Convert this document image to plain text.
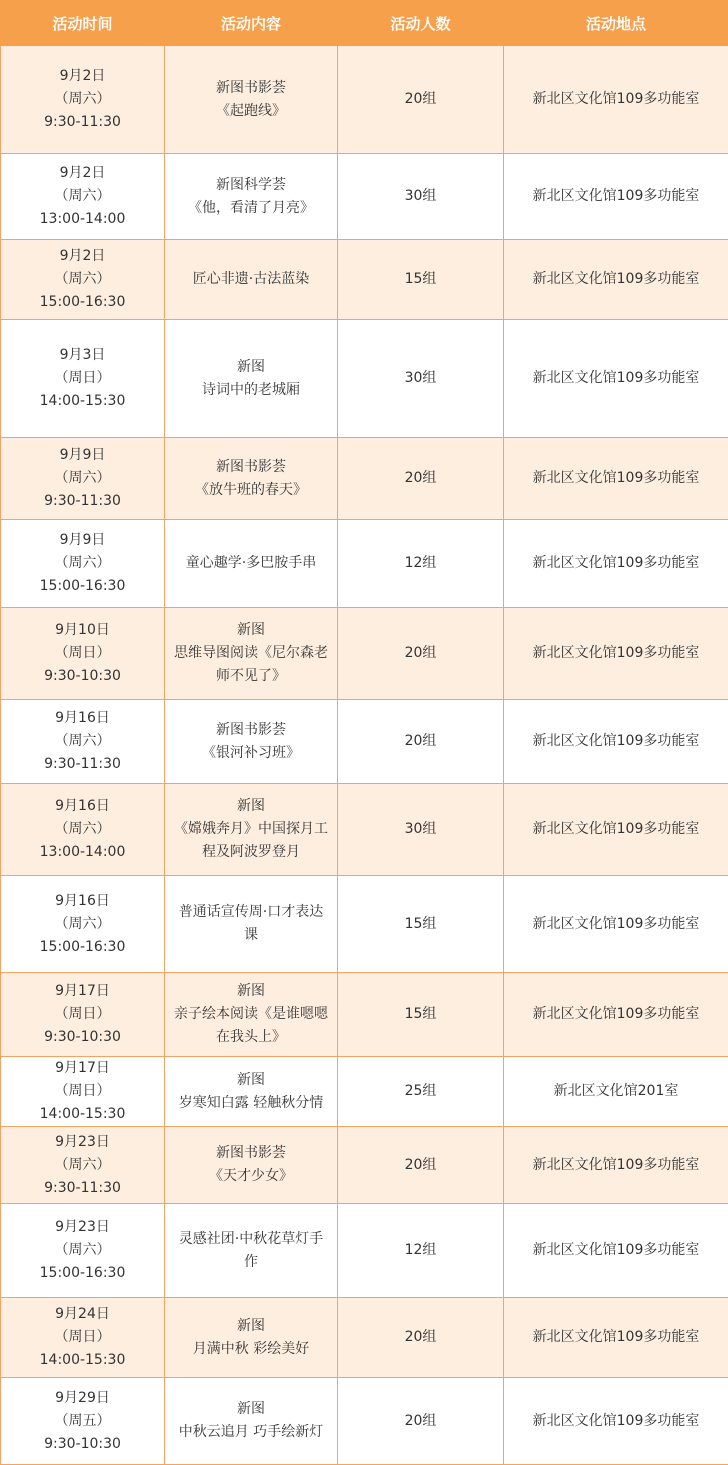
活动时间	活动内容	活动人数	活动地点

9月2日
（周六）
9:30-11:30	新图书影荟
《起跑线》	20组	新北区文化馆109多功能室

9月2日
（周六）
13:00-14:00	新图科学荟
《他，看清了月亮》	30组	新北区文化馆109多功能室

9月2日
（周六）
15:00-16:30	匠心非遗·古法蓝染	15组	新北区文化馆109多功能室

9月3日
（周日）
14:00-15:30	新图
诗词中的老城厢	30组	新北区文化馆109多功能室

9月9日
（周六）
9:30-11:30	新图书影荟
《放牛班的春天》	20组	新北区文化馆109多功能室

9月9日
（周六）
15:00-16:30	童心趣学·多巴胺手串	12组	新北区文化馆109多功能室

9月10日
（周日）
9:30-10:30	新图
思维导图阅读《尼尔森老
师不见了》	20组	新北区文化馆109多功能室

9月16日
（周六）
9:30-11:30	新图书影荟
《银河补习班》	20组	新北区文化馆109多功能室

9月16日
（周六）
13:00-14:00	新图
《嫦娥奔月》中国探月工
程及阿波罗登月	30组	新北区文化馆109多功能室

9月16日
（周六）
15:00-16:30	普通话宣传周·口才表达
课	15组	新北区文化馆109多功能室

9月17日
（周日）
9:30-10:30	新图
亲子绘本阅读《是谁嗯嗯
在我头上》	15组	新北区文化馆109多功能室

9月17日
（周日）
14:00-15:30	新图
岁寒知白露 轻触秋分情	25组	新北区文化馆201室

9月23日
（周六）
9:30-11:30	新图书影荟
《天才少女》	20组	新北区文化馆109多功能室

9月23日
（周六）
15:00-16:30	灵感社团·中秋花草灯手
作	12组	新北区文化馆109多功能室

9月24日
（周日）
14:00-15:30	新图
月满中秋 彩绘美好	20组	新北区文化馆109多功能室

9月29日
（周五）
9:30-10:30	新图
中秋云追月 巧手绘新灯	20组	新北区文化馆109多功能室
